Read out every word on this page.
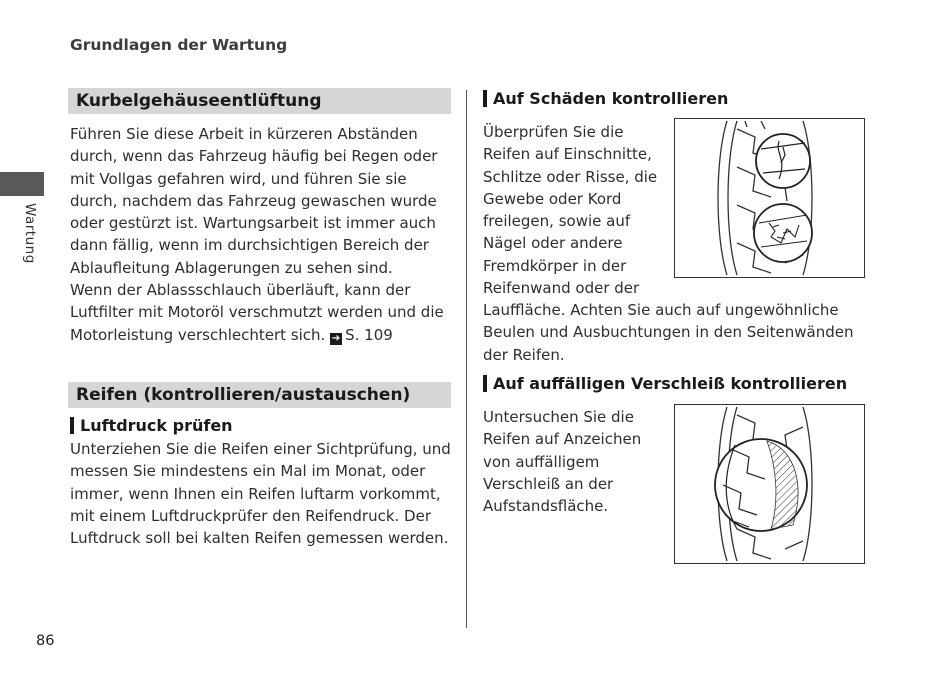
Grundlagen der Wartung
Wartung
Kurbelgehäuseentlüftung
Führen Sie diese Arbeit in kürzeren Abständen
durch, wenn das Fahrzeug häufig bei Regen oder
mit Vollgas gefahren wird, und führen Sie sie
durch, nachdem das Fahrzeug gewaschen wurde
oder gestürzt ist. Wartungsarbeit ist immer auch
dann fällig, wenn im durchsichtigen Bereich der
Ablaufleitung Ablagerungen zu sehen sind.
Wenn der Ablassschlauch überläuft, kann der
Luftfilter mit Motoröl verschmutzt werden und die
Motorleistung verschlechtert sich. ➔ S. 109
Reifen (kontrollieren/austauschen)
Luftdruck prüfen
Unterziehen Sie die Reifen einer Sichtprüfung, und
messen Sie mindestens ein Mal im Monat, oder
immer, wenn Ihnen ein Reifen luftarm vorkommt,
mit einem Luftdruckprüfer den Reifendruck. Der
Luftdruck soll bei kalten Reifen gemessen werden.
Auf Schäden kontrollieren
Überprüfen Sie die
Reifen auf Einschnitte,
Schlitze oder Risse, die
Gewebe oder Kord
freilegen, sowie auf
Nägel oder andere
Fremdkörper in der
Reifenwand oder der
Lauffläche. Achten Sie auch auf ungewöhnliche
Beulen und Ausbuchtungen in den Seitenwänden
der Reifen.
Auf auffälligen Verschleiß kontrollieren
Untersuchen Sie die
Reifen auf Anzeichen
von auffälligem
Verschleiß an der
Aufstandsfläche.
86
